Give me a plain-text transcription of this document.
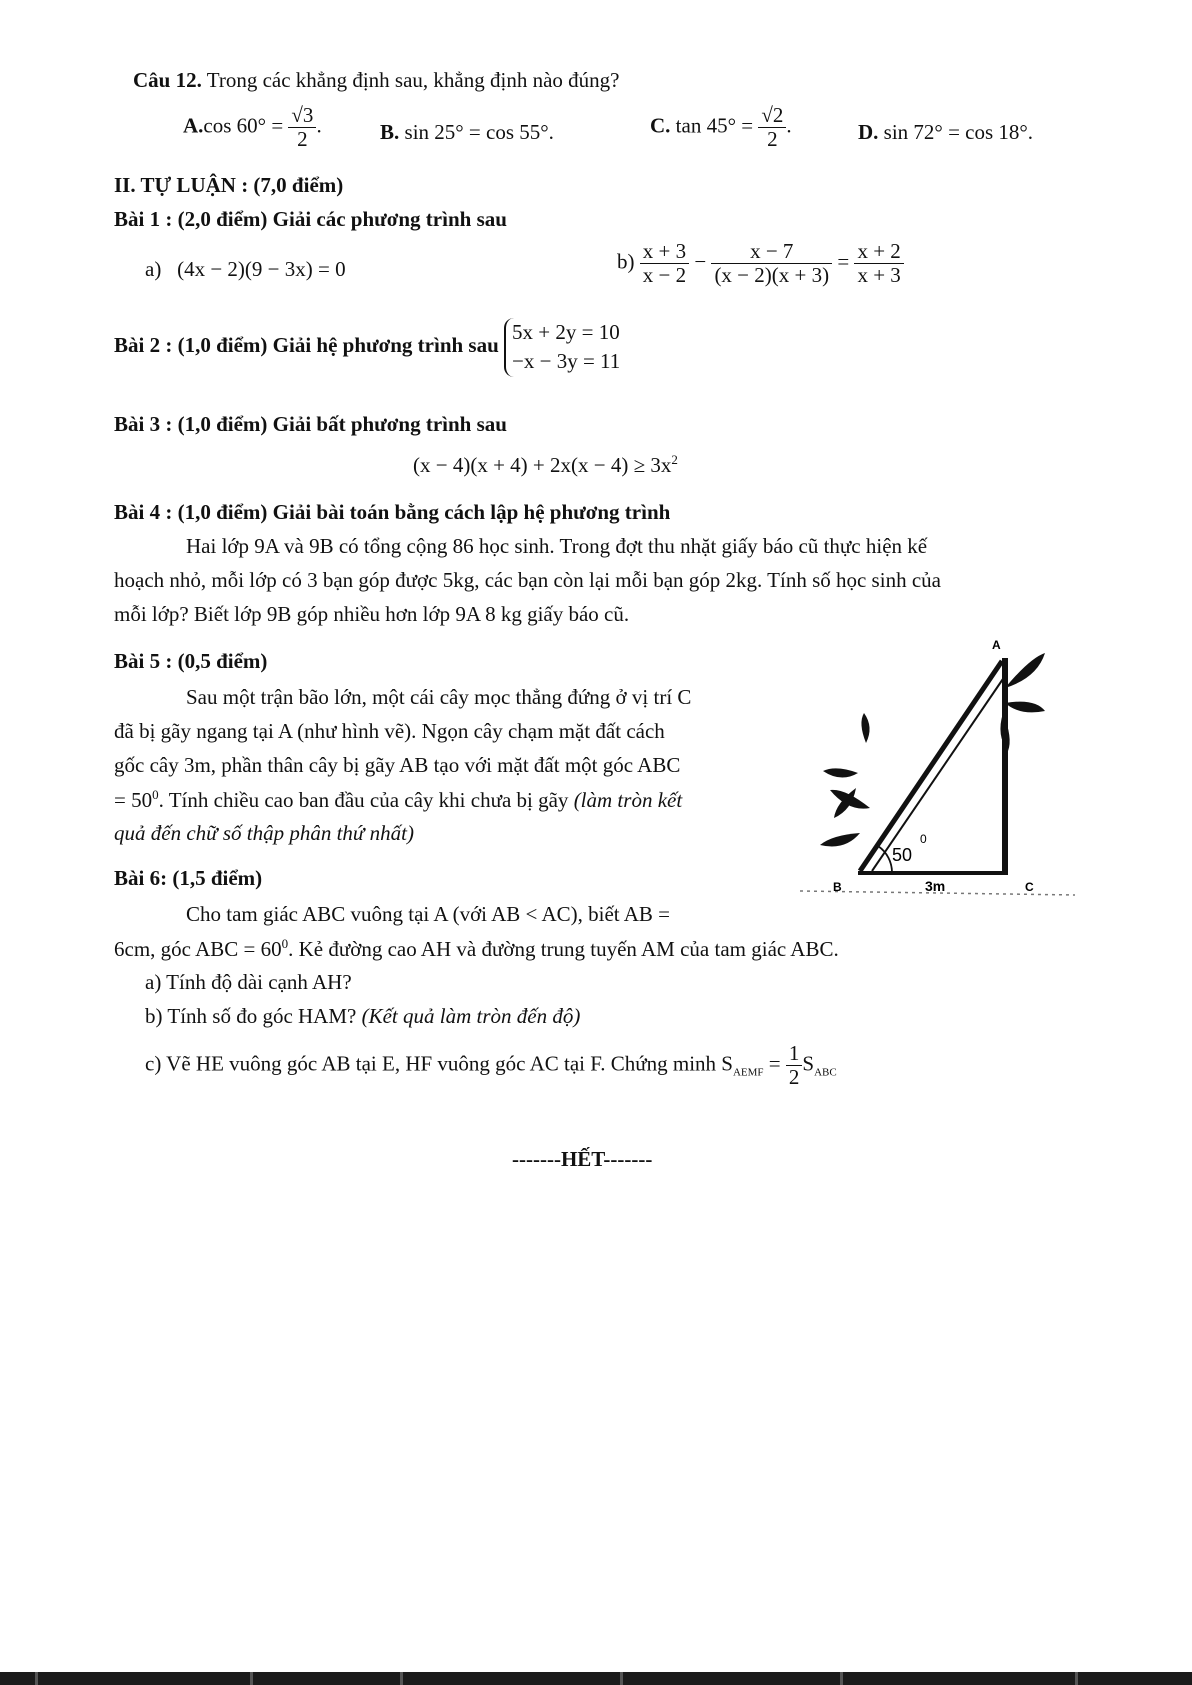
Câu 12. Trong các khẳng định sau, khẳng định nào đúng?
A.cos $60^\circ = \frac{√3}{2}$ .	B. sin 25° = cos 55°.	C. $\tan 45^\circ = \frac{√2}{2}$ .	D. sin 72° = cos 18°.
II. TỰ LUẬN : (7,0 điểm)
Bài 1 : (2,0 điểm) Giải các phương trình sau
a) (4x − 2)(9 − 3x) = 0	$b) \frac{x + 3}{x - 2} - \frac{x - 7}{(x - 2)(x + 3)} = \frac{x + 2}{x + 3}$
Bài 2 : (1,0 điểm) Giải hệ phương trình sau
5x + 2y = 10
−x − 3y = 11
Bài 3 : (1,0 điểm) Giải bất phương trình sau
$(x - 4)(x + 4) + 2x(x - 4) \ge 3x^2$
Bài 4 : (1,0 điểm) Giải bài toán bằng cách lập hệ phương trình
Hai lớp 9A và 9B có tổng cộng 86 học sinh. Trong đợt thu nhặt giấy báo cũ thực hiện kế
hoạch nhỏ, mỗi lớp có 3 bạn góp được 5kg, các bạn còn lại mỗi bạn góp 2kg. Tính số học sinh của
mỗi lớp? Biết lớp 9B góp nhiều hơn lớp 9A 8 kg giấy báo cũ.
Bài 5 : (0,5 điểm)
Sau một trận bão lớn, một cái cây mọc thẳng đứng ở vị trí C
đã bị gãy ngang tại A (như hình vẽ). Ngọn cây chạm mặt đất cách
gốc cây 3m, phần thân cây bị gãy AB tạo với mặt đất một góc ABC
= $50^0$. Tính chiều cao ban đầu của cây khi chưa bị gãy (làm tròn kết
quả đến chữ số thập phân thứ nhất)
50
0
A
B	C
3m
Bài 6: (1,5 điểm)
Cho tam giác ABC vuông tại A (với AB < AC), biết AB =
6cm, góc ABC = $60^0$. Kẻ đường cao AH và đường trung tuyến AM của tam giác ABC.
a) Tính độ dài cạnh AH?
b) Tính số đo góc HAM? (Kết quả làm tròn đến độ)
c) Vẽ HE vuông góc AB tại E, HF vuông góc AC tại F. Chứng minh $S_{AEMF} = \frac{1}{2} S_{ABC}$
-------HẾT-------
